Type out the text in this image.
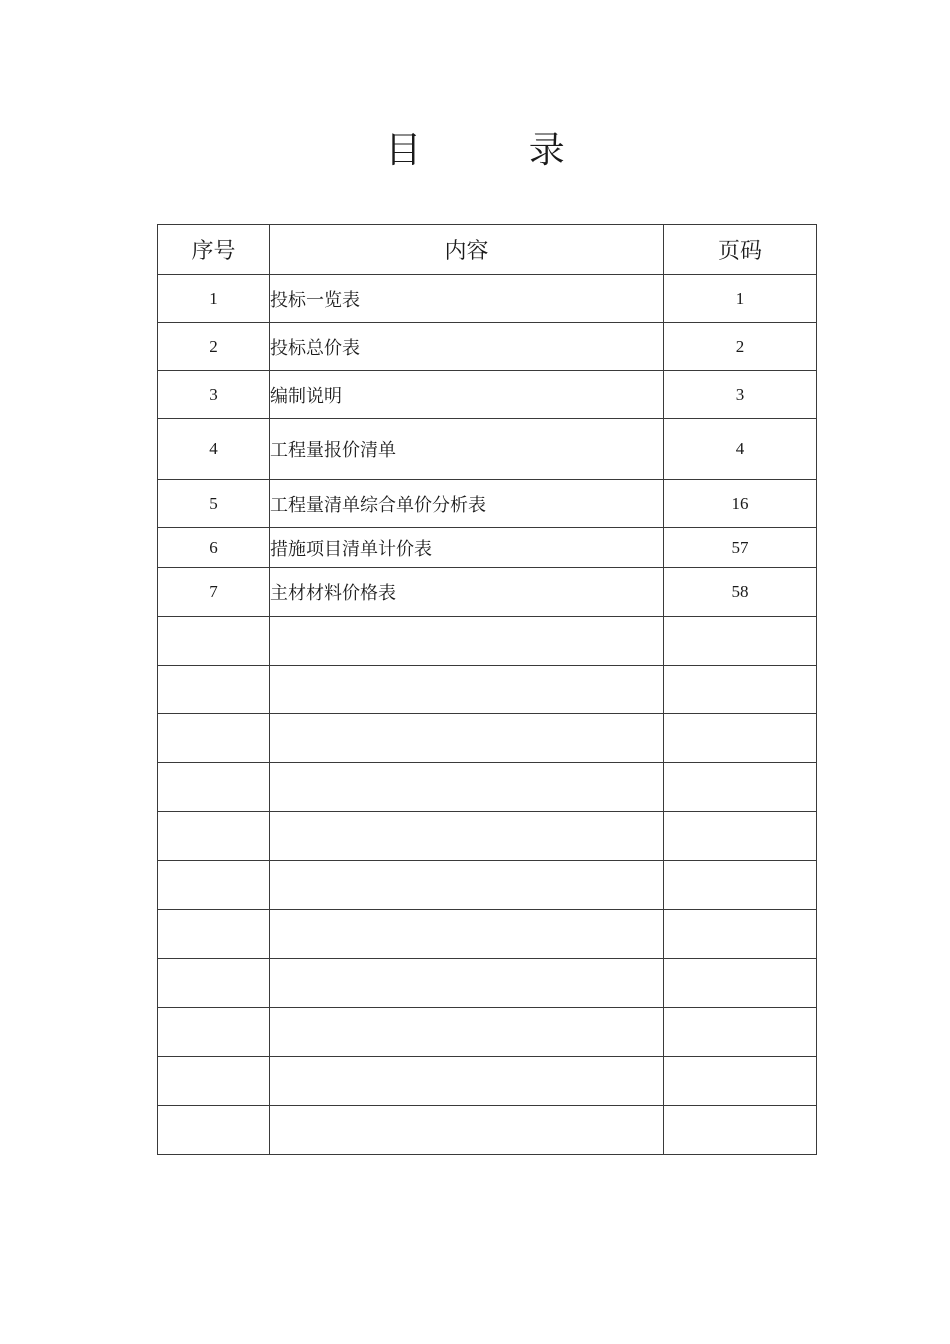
目 录
序号	内容	页码
1	投标一览表	1
2	投标总价表	2
3	编制说明	3
4	工程量报价清单	4
5	工程量清单综合单价分析表	16
6	措施项目清单计价表	57
7	主材材料价格表	58
